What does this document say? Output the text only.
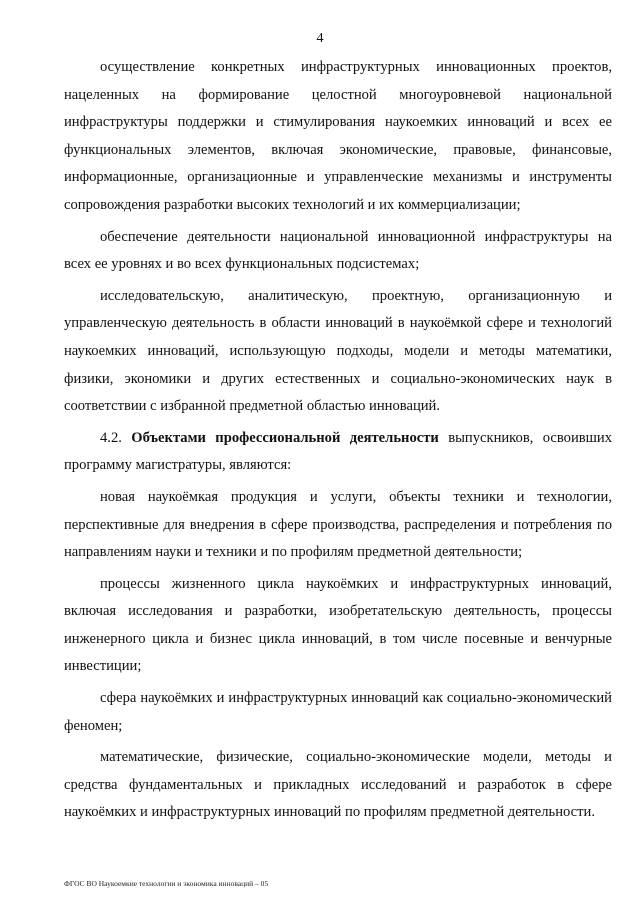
4

осуществление конкретных инфраструктурных инновационных проектов, нацеленных на формирование целостной многоуровневой национальной инфраструктуры поддержки и стимулирования наукоемких инноваций и всех ее функциональных элементов, включая экономические, правовые, финансовые, информационные, организационные и управленческие механизмы и инструменты сопровождения разработки высоких технологий и их коммерциализации;

обеспечение деятельности национальной инновационной инфраструктуры на всех ее уровнях и во всех функциональных подсистемах;

исследовательскую, аналитическую, проектную, организационную и управленческую деятельность в области инноваций в наукоёмкой сфере и технологий наукоемких инноваций, использующую подходы, модели и методы математики, физики, экономики и других естественных и социально-экономических наук в соответствии с избранной предметной областью инноваций.

4.2. Объектами профессиональной деятельности выпускников, освоивших программу магистратуры, являются:

новая наукоёмкая продукция и услуги, объекты техники и технологии, перспективные для внедрения в сфере производства, распределения и потребления по направлениям науки и техники и по профилям предметной деятельности;

процессы жизненного цикла наукоёмких и инфраструктурных инноваций, включая исследования и разработки, изобретательскую деятельность, процессы инженерного цикла и бизнес цикла инноваций, в том числе посевные и венчурные инвестиции;

сфера наукоёмких и инфраструктурных инноваций как социально-экономический феномен;

математические, физические, социально-экономические модели, методы и средства фундаментальных и прикладных исследований и разработок в сфере наукоёмких и инфраструктурных инноваций по профилям предметной деятельности.

ФГОС ВО Наукоемкие технологии и экономика инноваций – 05
